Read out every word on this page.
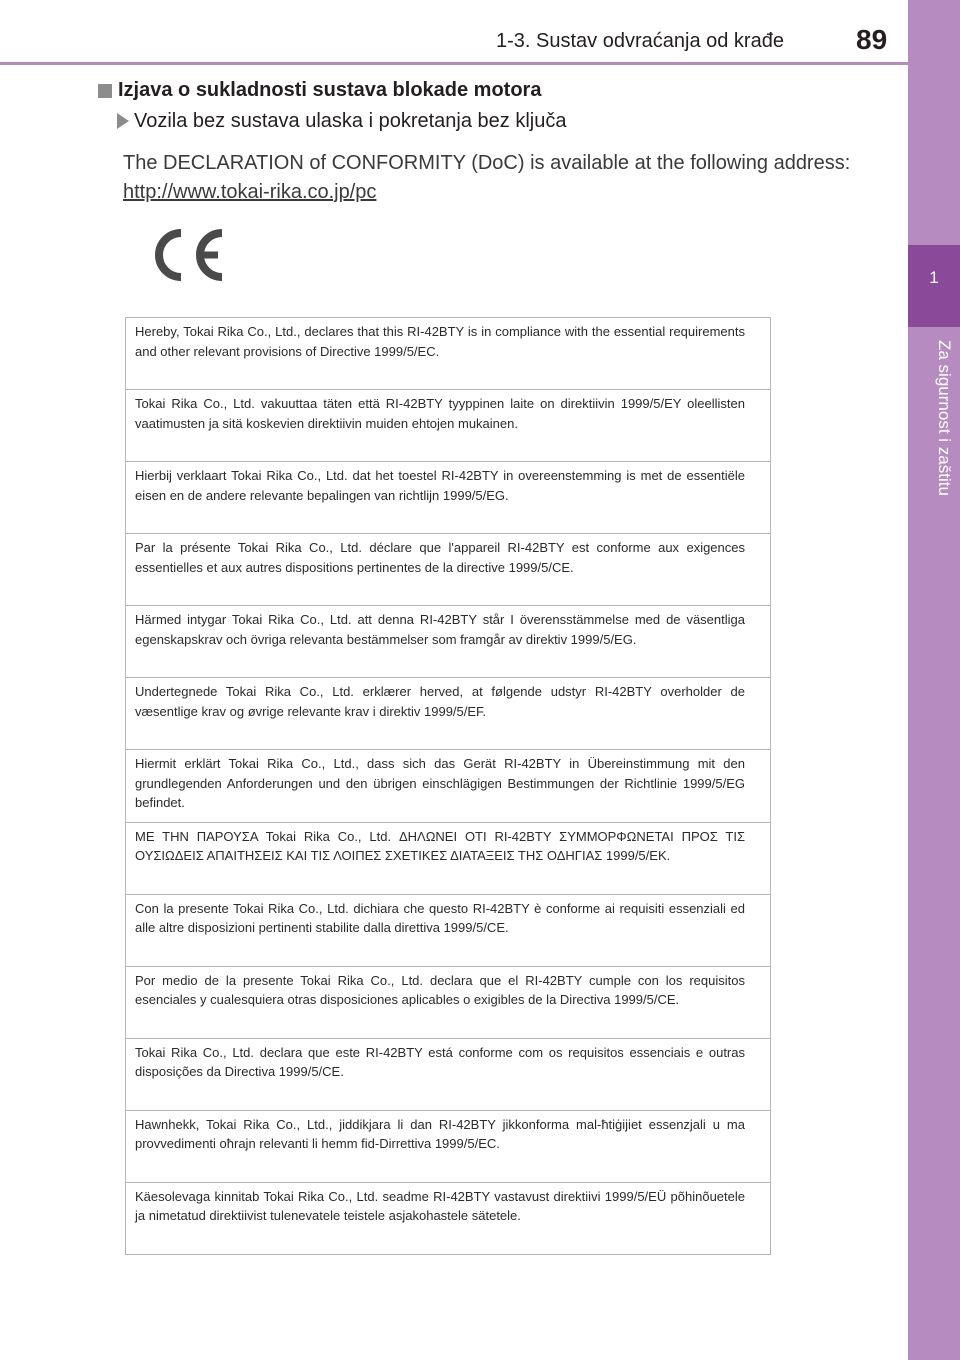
1-3. Sustav odvraćanja od krađe	89
1
Za sigurnost i zaštitu
Izjava o sukladnosti sustava blokade motora
Vozila bez sustava ulaska i pokretanja bez ključa
The DECLARATION of CONFORMITY (DoC) is available at the following address:
http://www.tokai-rika.co.jp/pc
Hereby, Tokai Rika Co., Ltd., declares that this RI-42BTY is in compliance with the essential requirements and other relevant provisions of Directive 1999/5/EC.
Tokai Rika Co., Ltd. vakuuttaa täten että RI-42BTY tyyppinen laite on direktiivin 1999/5/EY oleellisten vaatimusten ja sitä koskevien direktiivin muiden ehtojen mukainen.
Hierbij verklaart Tokai Rika Co., Ltd. dat het toestel RI-42BTY in overeenstemming is met de essentiële eisen en de andere relevante bepalingen van richtlijn 1999/5/EG.
Par la présente Tokai Rika Co., Ltd. déclare que l'appareil RI-42BTY est conforme aux exigences essentielles et aux autres dispositions pertinentes de la directive 1999/5/CE.
Härmed intygar Tokai Rika Co., Ltd. att denna RI-42BTY står I överensstämmelse med de väsentliga egenskapskrav och övriga relevanta bestämmelser som framgår av direktiv 1999/5/EG.
Undertegnede Tokai Rika Co., Ltd. erklærer herved, at følgende udstyr RI-42BTY overholder de væsentlige krav og øvrige relevante krav i direktiv 1999/5/EF.
Hiermit erklärt Tokai Rika Co., Ltd., dass sich das Gerät RI-42BTY in Übereinstimmung mit den grundlegenden Anforderungen und den übrigen einschlägigen Bestimmungen der Richtlinie 1999/5/EG befindet.
ΜΕ ΤΗΝ ΠΑΡΟΥΣΑ Tokai Rika Co., Ltd. ΔΗΛΩΝΕΙ ΟΤΙ RI-42BTY ΣΥΜΜΟΡΦΩΝΕΤΑΙ ΠΡΟΣ ΤΙΣ ΟΥΣΙΩΔΕΙΣ ΑΠΑΙΤΗΣΕΙΣ ΚΑΙ ΤΙΣ ΛΟΙΠΕΣ ΣΧΕΤΙΚΕΣ ΔΙΑΤΑΞΕΙΣ ΤΗΣ ΟΔΗΓΙΑΣ 1999/5/ΕΚ.
Con la presente Tokai Rika Co., Ltd. dichiara che questo RI-42BTY è conforme ai requisiti essenziali ed alle altre disposizioni pertinenti stabilite dalla direttiva 1999/5/CE.
Por medio de la presente Tokai Rika Co., Ltd. declara que el RI-42BTY cumple con los requisitos esenciales y cualesquiera otras disposiciones aplicables o exigibles de la Directiva 1999/5/CE.
Tokai Rika Co., Ltd. declara que este RI-42BTY está conforme com os requisitos essenciais e outras disposições da Directiva 1999/5/CE.
Hawnhekk, Tokai Rika Co., Ltd., jiddikjara li dan RI-42BTY jikkonforma mal-ħtiġijiet essenzjali u ma provvedimenti oħrajn relevanti li hemm fid-Dirrettiva 1999/5/EC.
Käesolevaga kinnitab Tokai Rika Co., Ltd. seadme RI-42BTY vastavust direktiivi 1999/5/EÜ põhinõuetele ja nimetatud direktiivist tulenevatele teistele asjakohastele sätetele.
